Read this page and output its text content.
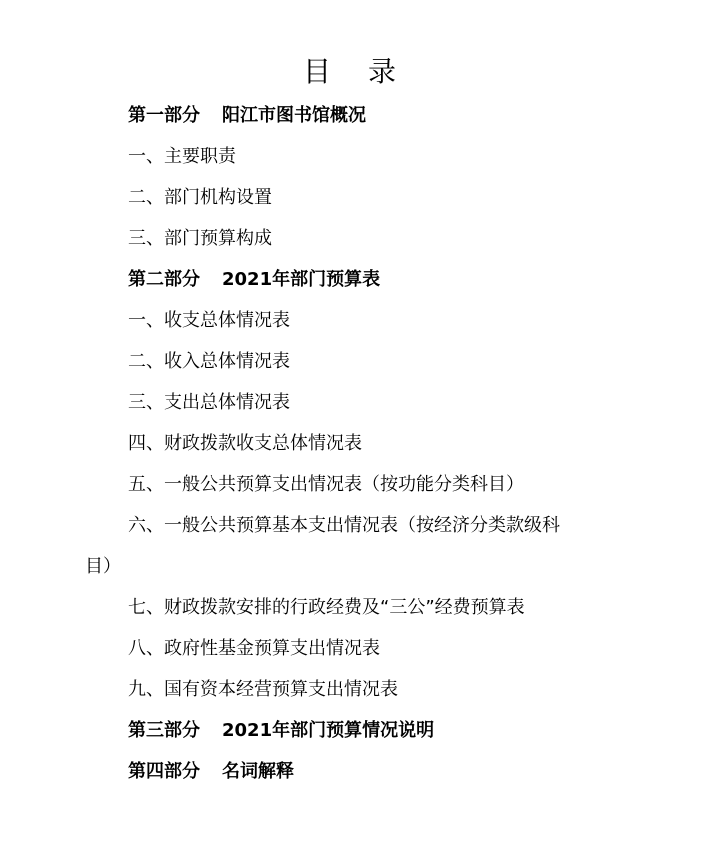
目 录
第一部分 阳江市图书馆概况
一、主要职责
二、部门机构设置
三、部门预算构成
第二部分 2021年部门预算表
一、收支总体情况表
二、收入总体情况表
三、支出总体情况表
四、财政拨款收支总体情况表
五、一般公共预算支出情况表（按功能分类科目）
六、一般公共预算基本支出情况表（按经济分类款级科
目）
七、财政拨款安排的行政经费及“三公”经费预算表
八、政府性基金预算支出情况表
九、国有资本经营预算支出情况表
第三部分 2021年部门预算情况说明
第四部分 名词解释
